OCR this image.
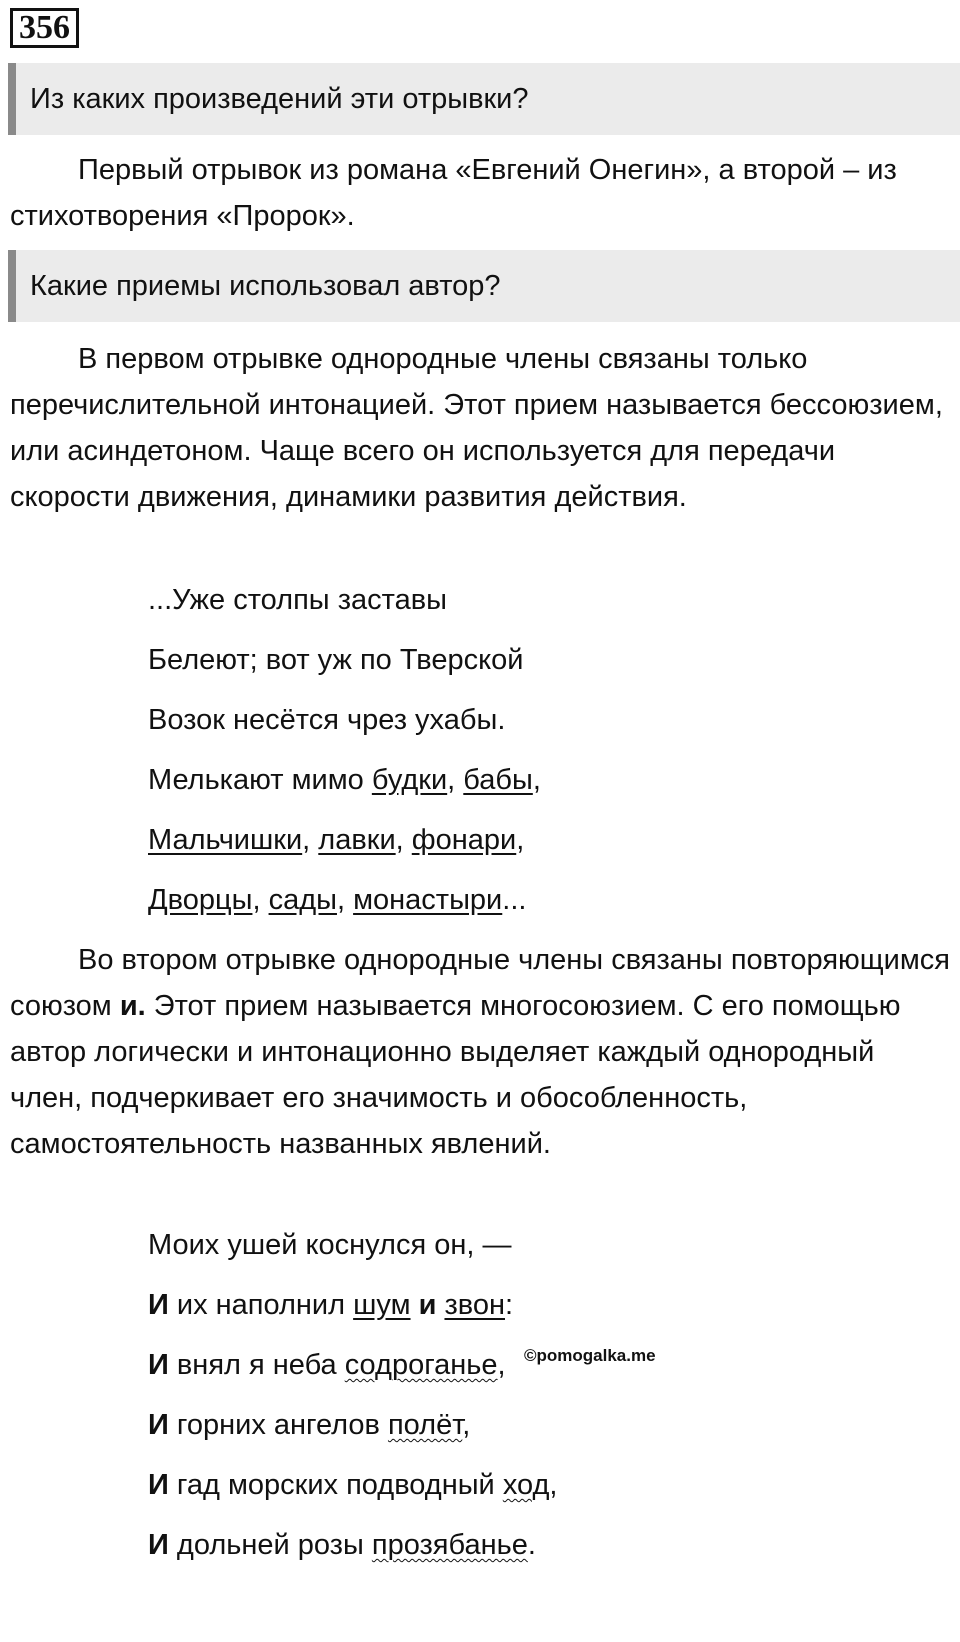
356
Из каких произведений эти отрывки?

Первый отрывок из романа «Евгений Онегин», а второй – из стихотворения «Пророк».

Какие приемы использовал автор?

В первом отрывке однородные члены связаны только перечислительной интонацией. Этот прием называется бессоюзием, или асиндетоном. Чаще всего он используется для передачи скорости движения, динамики развития действия.

...Уже столпы заставы

Белеют; вот уж по Тверской

Возок несётся чрез ухабы.

Мелькают мимо будки, бабы,

Мальчишки, лавки, фонари,

Дворцы, сады, монастыри...

Во втором отрывке однородные члены связаны повторяющимся союзом и. Этот прием называется многосоюзием. С его помощью автор логически и интонационно выделяет каждый однородный член, подчеркивает его значимость и обособленность, самостоятельность названных явлений.

Моих ушей коснулся он, —

И их наполнил шум и звон:

И внял я неба содроганье,

И горних ангелов полёт,

И гад морских подводный ход,

И дольней розы прозябанье.

©pomogalka.me
